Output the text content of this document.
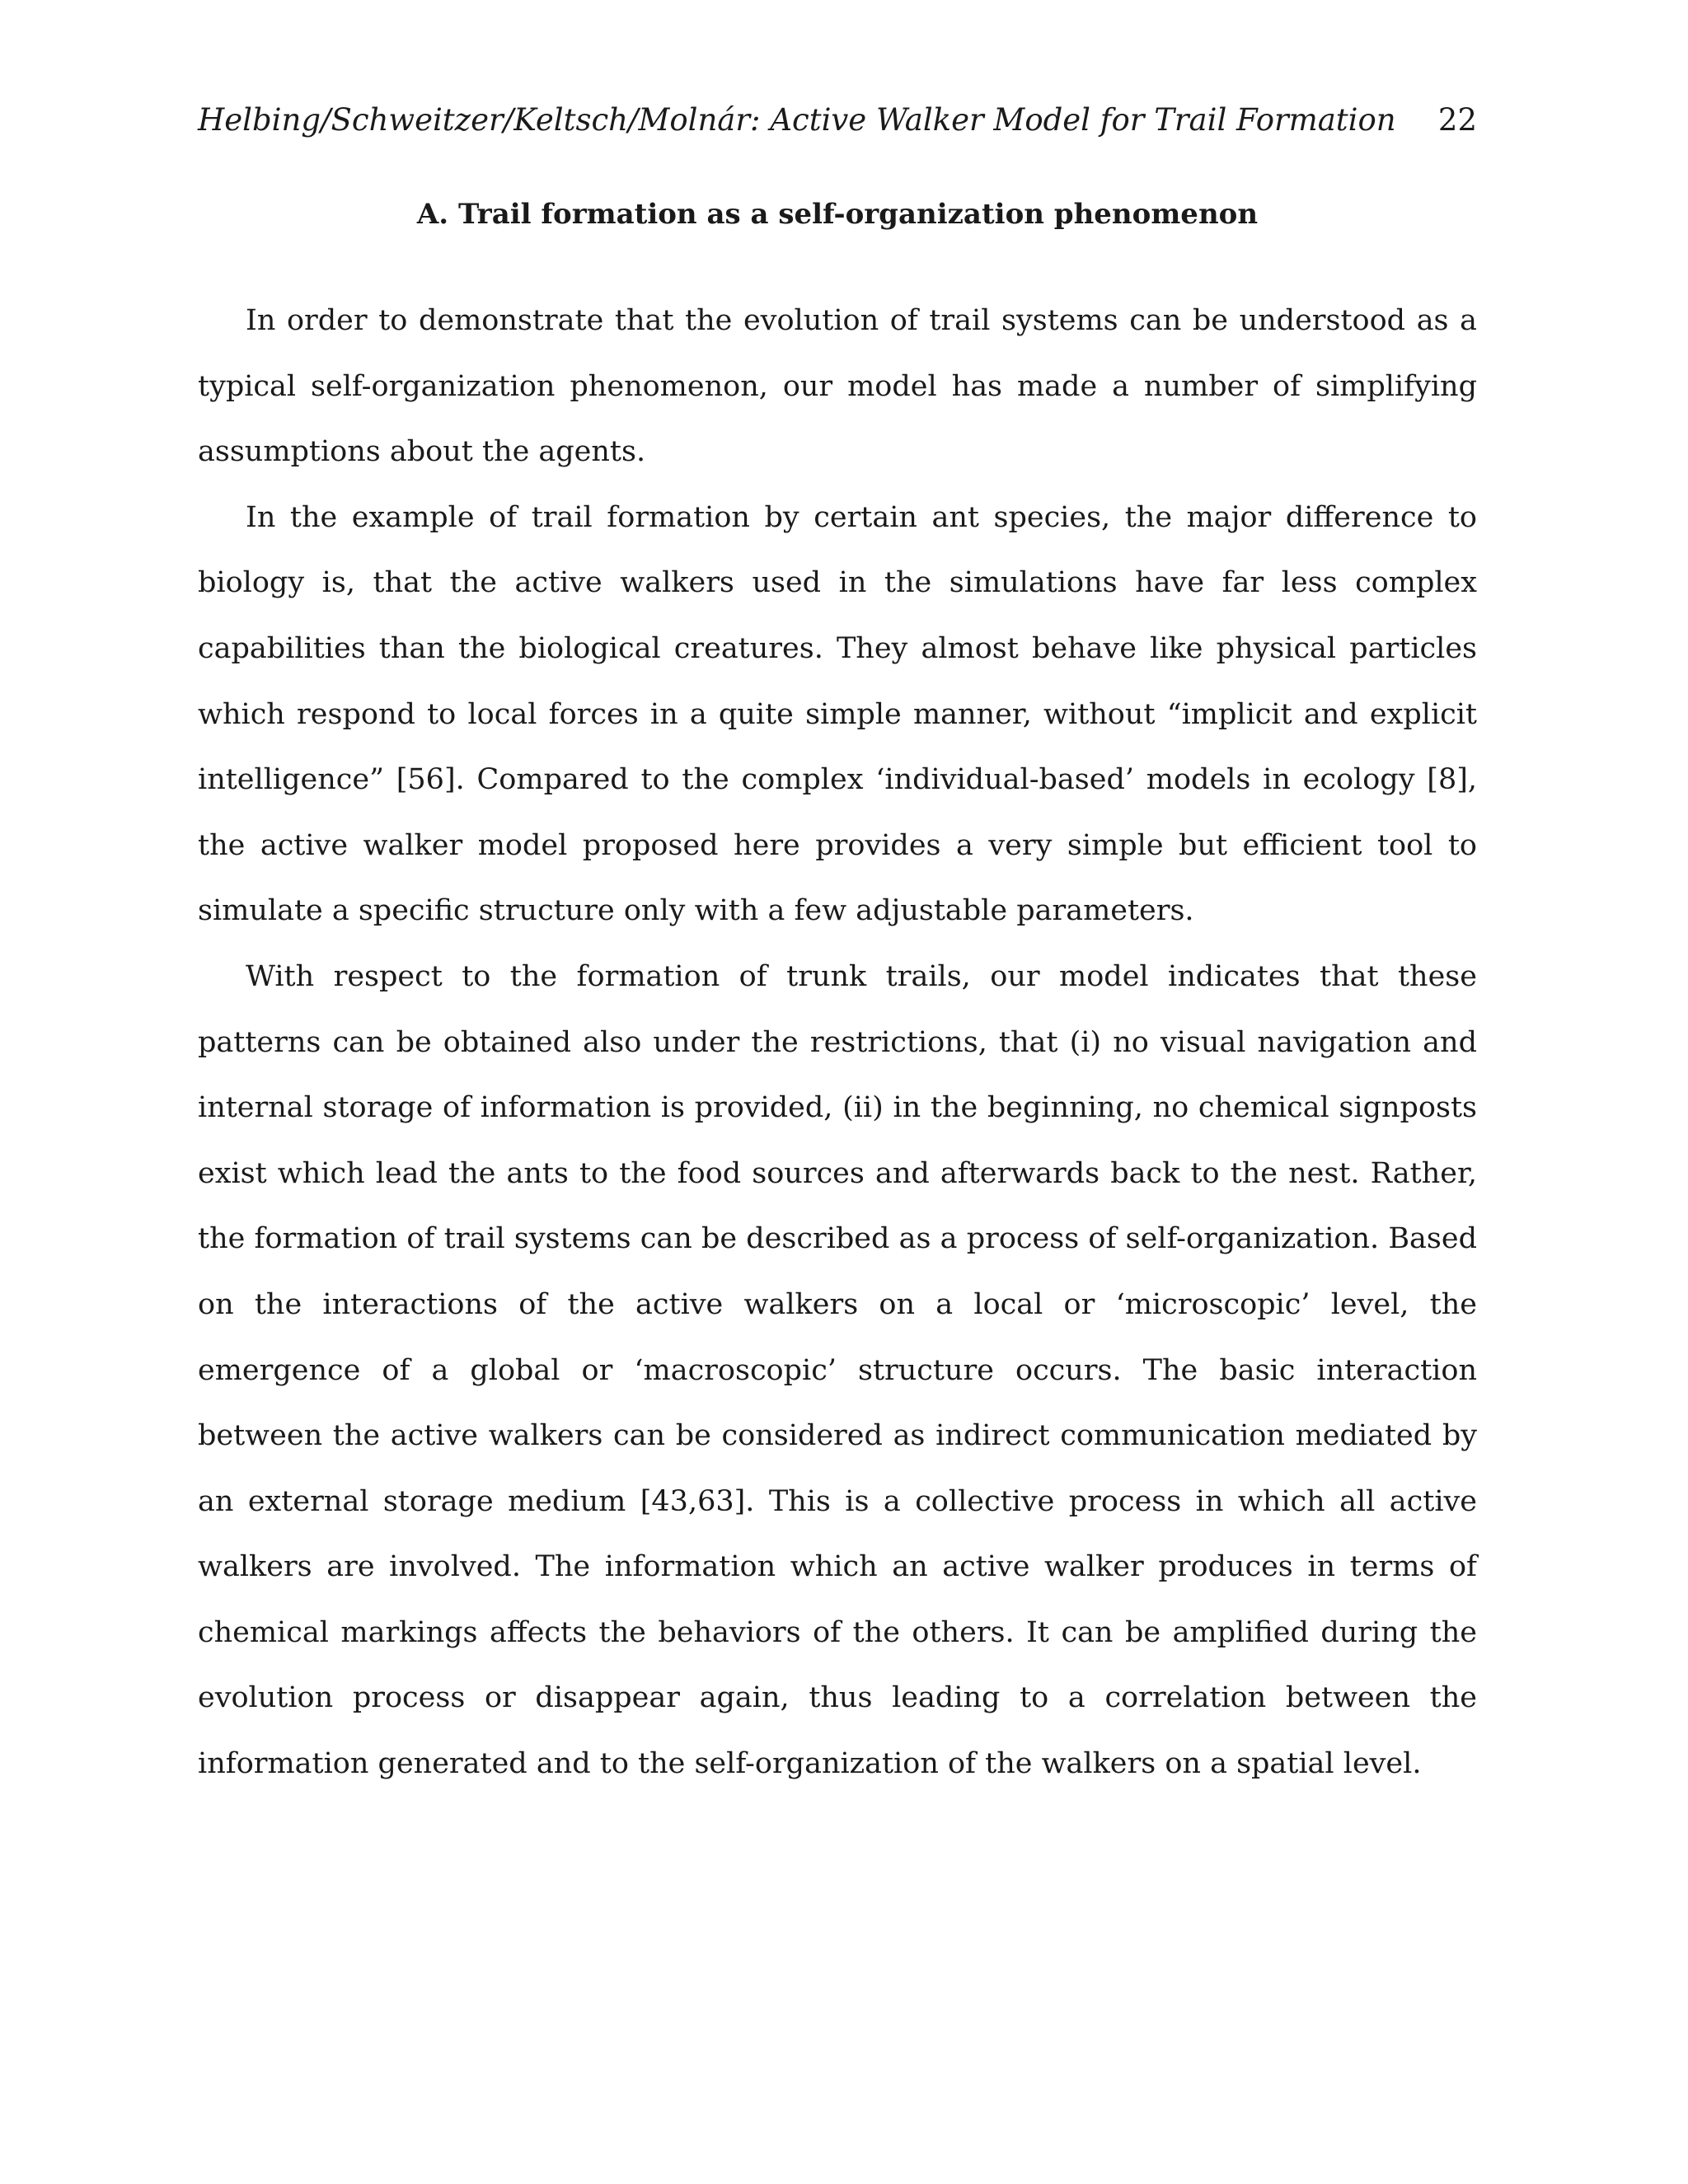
Helbing/Schweitzer/Keltsch/Molnár: Active Walker Model for Trail Formation 22
A. Trail formation as a self-organization phenomenon

In order to demonstrate that the evolution of trail systems can be understood as a typical self-organization phenomenon, our model has made a number of simplifying assumptions about the agents.

In the example of trail formation by certain ant species, the major difference to biology is, that the active walkers used in the simulations have far less complex capabilities than the biological creatures. They almost behave like physical particles which respond to local forces in a quite simple manner, without “implicit and explicit intelligence” [56]. Compared to the complex ‘individual-based’ models in ecology [8], the active walker model proposed here provides a very simple but efficient tool to simulate a specific structure only with a few adjustable parameters.

With respect to the formation of trunk trails, our model indicates that these patterns can be obtained also under the restrictions, that (i) no visual navigation and internal storage of information is provided, (ii) in the beginning, no chemical signposts exist which lead the ants to the food sources and afterwards back to the nest. Rather, the formation of trail systems can be described as a process of self-organization. Based on the interactions of the active walkers on a local or ‘microscopic’ level, the emergence of a global or ‘macroscopic’ structure occurs. The basic interaction between the active walkers can be considered as indirect communication mediated by an external storage medium [43,63]. This is a collective process in which all active walkers are involved. The information which an active walker produces in terms of chemical markings affects the behaviors of the others. It can be amplified during the evolution process or disappear again, thus leading to a correlation between the information generated and to the self-organization of the walkers on a spatial level.
